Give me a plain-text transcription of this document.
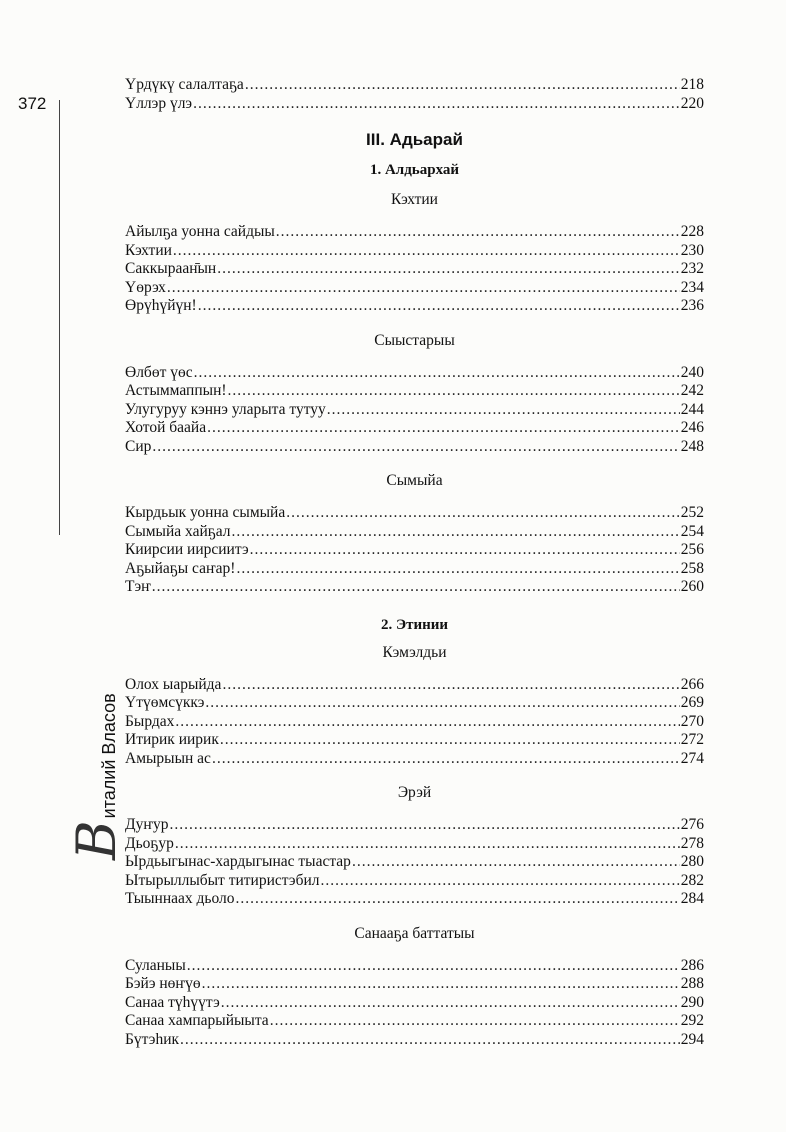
372
В
италий Власов
Үрдүкү салалтаҕа .....	218
Үллэр үлэ .....	220
III. Адьарай
1. Алдьархай
Кэхтии
Айылҕа уонна сайдыы .....	228
Кэхтии .....	230
Саккыраан̄ын .....	232
Үөрэх .....	234
Өрүһүйүн! .....	236
Сыыстарыы
Өлбөт үөс .....	240
Астыммаппын! .....	242
Улугуруу кэннэ уларыта тутуу .....	244
Хотой баайа .....	246
Сир .....	248
Сымыйа
Кырдьык уонна сымыйа .....	252
Сымыйа хайҕал .....	254
Киирсии иирсиитэ .....	256
Аҕыйаҕы саҥар! .....	258
Тэҥ .....	260
2. Этинии
Кэмэлдьи
Олох ыарыйда .....	266
Үтүөмсүккэ .....	269
Бырдах .....	270
Итирик иирик .....	272
Амырыын ас .....	274
Эрэй
Дуҥур .....	276
Дьоҕур .....	278
Ырдьыгынас-хардыгынас тыастар .....	280
Ытырыллыбыт титиристэбил .....	282
Тыыннаах дьоло .....	284
Санааҕа баттатыы
Суланыы .....	286
Бэйэ нөҥүө .....	288
Санаа түһүүтэ .....	290
Санаа хампарыйыыта .....	292
Бүтэһик .....	294
